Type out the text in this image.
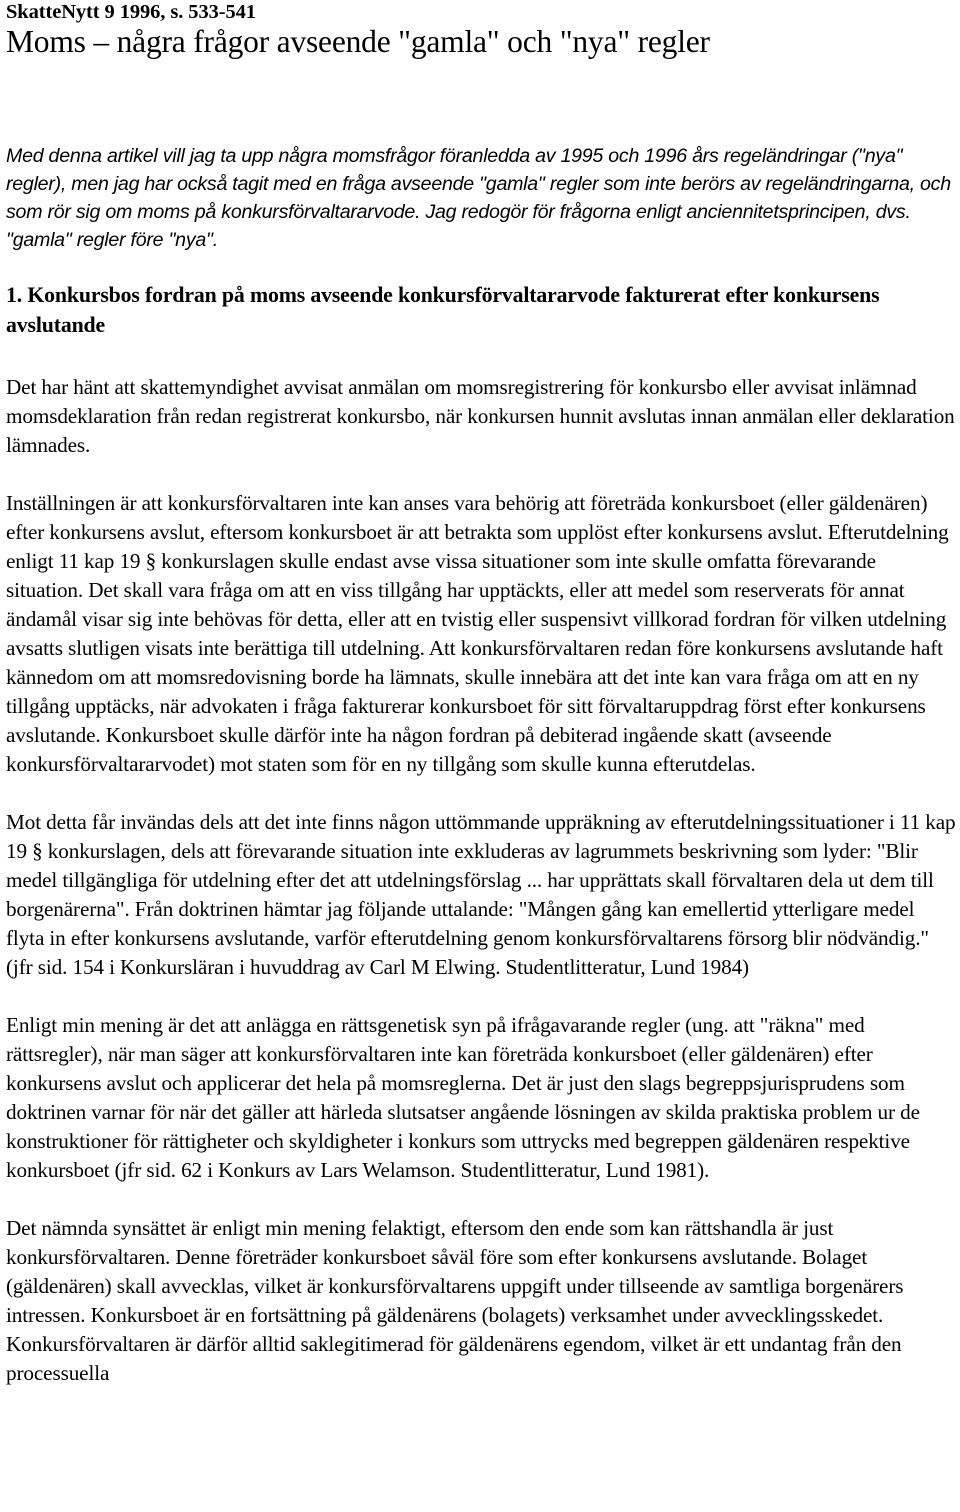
SkatteNytt 9 1996, s. 533-541

Moms – några frågor avseende "gamla" och "nya" regler

Med denna artikel vill jag ta upp några momsfrågor föranledda av 1995 och 1996 års regeländringar ("nya" regler), men jag har också tagit med en fråga avseende "gamla" regler som inte berörs av regeländringarna, och som rör sig om moms på konkursförvaltararvode. Jag redogör för frågorna enligt anciennitetsprincipen, dvs. "gamla" regler före "nya".

1. Konkursbos fordran på moms avseende konkursförvaltararvode fakturerat efter konkursens avslutande

Det har hänt att skattemyndighet avvisat anmälan om momsregistrering för konkursbo eller avvisat inlämnad momsdeklaration från redan registrerat konkursbo, när konkursen hunnit avslutas innan anmälan eller deklaration lämnades.

Inställningen är att konkursförvaltaren inte kan anses vara behörig att företräda konkursboet (eller gäldenären) efter konkursens avslut, eftersom konkursboet är att betrakta som upplöst efter konkursens avslut. Efterutdelning enligt 11 kap 19 § konkurslagen skulle endast avse vissa situationer som inte skulle omfatta förevarande situation. Det skall vara fråga om att en viss tillgång har upptäckts, eller att medel som reserverats för annat ändamål visar sig inte behövas för detta, eller att en tvistig eller suspensivt villkorad fordran för vilken utdelning avsatts slutligen visats inte berättiga till utdelning. Att konkursförvaltaren redan före konkursens avslutande haft kännedom om att momsredovisning borde ha lämnats, skulle innebära att det inte kan vara fråga om att en ny tillgång upptäcks, när advokaten i fråga fakturerar konkursboet för sitt förvaltaruppdrag först efter konkursens avslutande. Konkursboet skulle därför inte ha någon fordran på debiterad ingående skatt (avseende konkursförvaltararvodet) mot staten som för en ny tillgång som skulle kunna efterutdelas.

Mot detta får invändas dels att det inte finns någon uttömmande uppräkning av efterutdelningssituationer i 11 kap 19 § konkurslagen, dels att förevarande situation inte exkluderas av lagrummets beskrivning som lyder: "Blir medel tillgängliga för utdelning efter det att utdelningsförslag ... har upprättats skall förvaltaren dela ut dem till borgenärerna". Från doktrinen hämtar jag följande uttalande: "Mången gång kan emellertid ytterligare medel flyta in efter konkursens avslutande, varför efterutdelning genom konkursförvaltarens försorg blir nödvändig." (jfr sid. 154 i Konkursläran i huvuddrag av Carl M Elwing. Studentlitteratur, Lund 1984)

Enligt min mening är det att anlägga en rättsgenetisk syn på ifrågavarande regler (ung. att "räkna" med rättsregler), när man säger att konkursförvaltaren inte kan företräda konkursboet (eller gäldenären) efter konkursens avslut och applicerar det hela på momsreglerna. Det är just den slags begreppsjurisprudens som doktrinen varnar för när det gäller att härleda slutsatser angående lösningen av skilda praktiska problem ur de konstruktioner för rättigheter och skyldigheter i konkurs som uttrycks med begreppen gäldenären respektive konkursboet (jfr sid. 62 i Konkurs av Lars Welamson. Studentlitteratur, Lund 1981).

Det nämnda synsättet är enligt min mening felaktigt, eftersom den ende som kan rättshandla är just konkursförvaltaren. Denne företräder konkursboet såväl före som efter konkursens avslutande. Bolaget (gäldenären) skall avvecklas, vilket är konkursförvaltarens uppgift under tillseende av samtliga borgenärers intressen. Konkursboet är en fortsättning på gäldenärens (bolagets) verksamhet under avvecklingsskedet. Konkursförvaltaren är därför alltid saklegitimerad för gäldenärens egendom, vilket är ett undantag från den processuella
